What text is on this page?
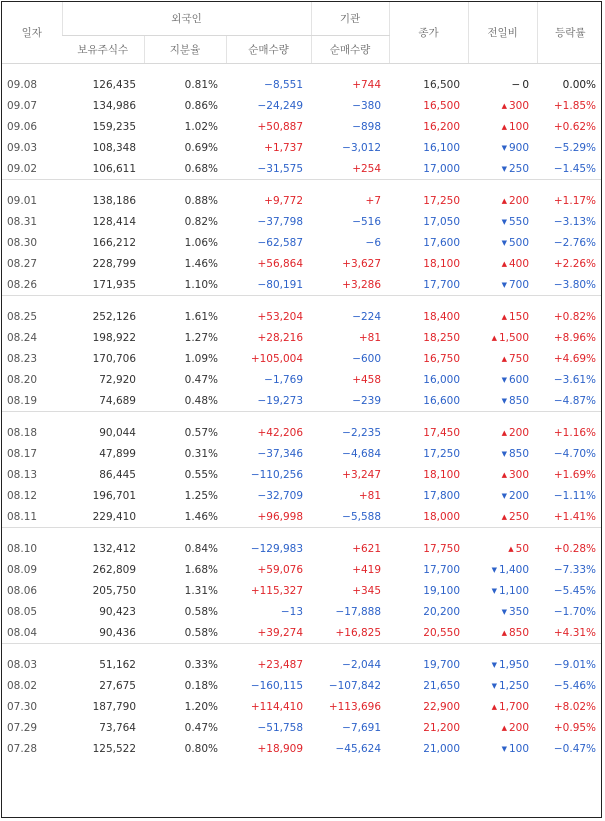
일자	외국인			기관	종가	전일비	등락률
	보유주식수	지분율	순매수량	순매수량			

09.08	126,435	0.81%	−8,551	+744	16,500	− 0	0.00%
09.07	134,986	0.86%	−24,249	−380	16,500	▲ 300	+1.85%
09.06	159,235	1.02%	+50,887	−898	16,200	▲ 100	+0.62%
09.03	108,348	0.69%	+1,737	−3,012	16,100	▼ 900	−5.29%
09.02	106,611	0.68%	−31,575	+254	17,000	▼ 250	−1.45%

09.01	138,186	0.88%	+9,772	+7	17,250	▲ 200	+1.17%
08.31	128,414	0.82%	−37,798	−516	17,050	▼ 550	−3.13%
08.30	166,212	1.06%	−62,587	−6	17,600	▼ 500	−2.76%
08.27	228,799	1.46%	+56,864	+3,627	18,100	▲ 400	+2.26%
08.26	171,935	1.10%	−80,191	+3,286	17,700	▼ 700	−3.80%

08.25	252,126	1.61%	+53,204	−224	18,400	▲ 150	+0.82%
08.24	198,922	1.27%	+28,216	+81	18,250	▲ 1,500	+8.96%
08.23	170,706	1.09%	+105,004	−600	16,750	▲ 750	+4.69%
08.20	72,920	0.47%	−1,769	+458	16,000	▼ 600	−3.61%
08.19	74,689	0.48%	−19,273	−239	16,600	▼ 850	−4.87%

08.18	90,044	0.57%	+42,206	−2,235	17,450	▲ 200	+1.16%
08.17	47,899	0.31%	−37,346	−4,684	17,250	▼ 850	−4.70%
08.13	86,445	0.55%	−110,256	+3,247	18,100	▲ 300	+1.69%
08.12	196,701	1.25%	−32,709	+81	17,800	▼ 200	−1.11%
08.11	229,410	1.46%	+96,998	−5,588	18,000	▲ 250	+1.41%

08.10	132,412	0.84%	−129,983	+621	17,750	▲ 50	+0.28%
08.09	262,809	1.68%	+59,076	+419	17,700	▼ 1,400	−7.33%
08.06	205,750	1.31%	+115,327	+345	19,100	▼ 1,100	−5.45%
08.05	90,423	0.58%	−13	−17,888	20,200	▼ 350	−1.70%
08.04	90,436	0.58%	+39,274	+16,825	20,550	▲ 850	+4.31%

08.03	51,162	0.33%	+23,487	−2,044	19,700	▼ 1,950	−9.01%
08.02	27,675	0.18%	−160,115	−107,842	21,650	▼ 1,250	−5.46%
07.30	187,790	1.20%	+114,410	+113,696	22,900	▲ 1,700	+8.02%
07.29	73,764	0.47%	−51,758	−7,691	21,200	▲ 200	+0.95%
07.28	125,522	0.80%	+18,909	−45,624	21,000	▼ 100	−0.47%
